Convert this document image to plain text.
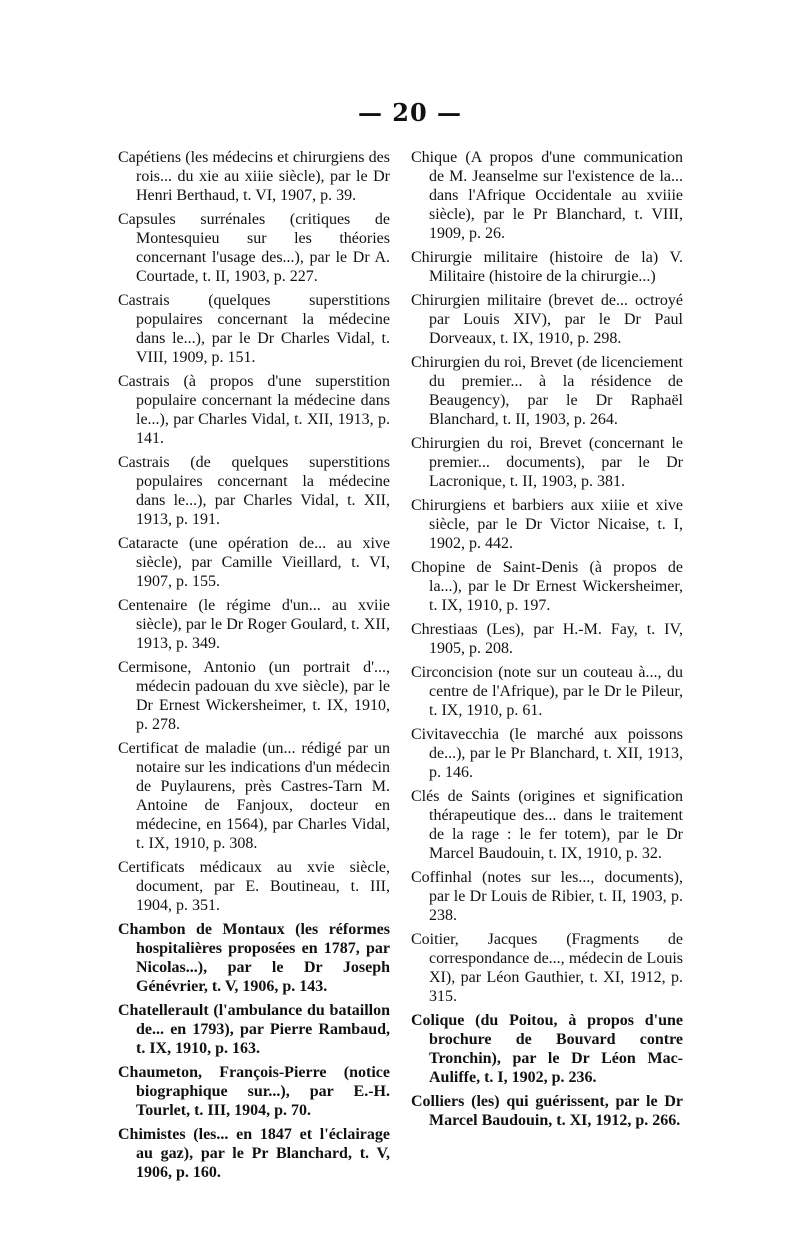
— 20 —

Capétiens (les médecins et chirurgiens des rois... du xie au xiiie siècle), par le Dr Henri Berthaud, t. VI, 1907, p. 39.

Capsules surrénales (critiques de Montesquieu sur les théories concernant l'usage des...), par le Dr A. Courtade, t. II, 1903, p. 227.

Castrais (quelques superstitions populaires concernant la médecine dans le...), par le Dr Charles Vidal, t. VIII, 1909, p. 151.

Castrais (à propos d'une superstition populaire concernant la médecine dans le...), par Charles Vidal, t. XII, 1913, p. 141.

Castrais (de quelques superstitions populaires concernant la médecine dans le...), par Charles Vidal, t. XII, 1913, p. 191.

Cataracte (une opération de... au xive siècle), par Camille Vieillard, t. VI, 1907, p. 155.

Centenaire (le régime d'un... au xviie siècle), par le Dr Roger Goulard, t. XII, 1913, p. 349.

Cermisone, Antonio (un portrait d'..., médecin padouan du xve siècle), par le Dr Ernest Wickersheimer, t. IX, 1910, p. 278.

Certificat de maladie (un... rédigé par un notaire sur les indications d'un médecin de Puylaurens, près Castres-Tarn M. Antoine de Fanjoux, docteur en médecine, en 1564), par Charles Vidal, t. IX, 1910, p. 308.

Certificats médicaux au xvie siècle, document, par E. Boutineau, t. III, 1904, p. 351.

Chambon de Montaux (les réformes hospitalières proposées en 1787, par Nicolas...), par le Dr Joseph Génévrier, t. V, 1906, p. 143.

Chatellerault (l'ambulance du bataillon de... en 1793), par Pierre Rambaud, t. IX, 1910, p. 163.

Chaumeton, François-Pierre (notice biographique sur...), par E.-H. Tourlet, t. III, 1904, p. 70.

Chimistes (les... en 1847 et l'éclairage au gaz), par le Pr Blanchard, t. V, 1906, p. 160.

Chique (A propos d'une communication de M. Jeanselme sur l'existence de la... dans l'Afrique Occidentale au xviiie siècle), par le Pr Blanchard, t. VIII, 1909, p. 26.

Chirurgie militaire (histoire de la) V. Militaire (histoire de la chirurgie...)

Chirurgien militaire (brevet de... octroyé par Louis XIV), par le Dr Paul Dorveaux, t. IX, 1910, p. 298.

Chirurgien du roi, Brevet (de licenciement du premier... à la résidence de Beaugency), par le Dr Raphaël Blanchard, t. II, 1903, p. 264.

Chirurgien du roi, Brevet (concernant le premier... documents), par le Dr Lacronique, t. II, 1903, p. 381.

Chirurgiens et barbiers aux xiiie et xive siècle, par le Dr Victor Nicaise, t. I, 1902, p. 442.

Chopine de Saint-Denis (à propos de la...), par le Dr Ernest Wickersheimer, t. IX, 1910, p. 197.

Chrestiaas (Les), par H.-M. Fay, t. IV, 1905, p. 208.

Circoncision (note sur un couteau à..., du centre de l'Afrique), par le Dr le Pileur, t. IX, 1910, p. 61.

Civitavecchia (le marché aux poissons de...), par le Pr Blanchard, t. XII, 1913, p. 146.

Clés de Saints (origines et signification thérapeutique des... dans le traitement de la rage : le fer totem), par le Dr Marcel Baudouin, t. IX, 1910, p. 32.

Coffinhal (notes sur les..., documents), par le Dr Louis de Ribier, t. II, 1903, p. 238.

Coitier, Jacques (Fragments de correspondance de..., médecin de Louis XI), par Léon Gauthier, t. XI, 1912, p. 315.

Colique (du Poitou, à propos d'une brochure de Bouvard contre Tronchin), par le Dr Léon Mac-Auliffe, t. I, 1902, p. 236.

Colliers (les) qui guérissent, par le Dr Marcel Baudouin, t. XI, 1912, p. 266.
